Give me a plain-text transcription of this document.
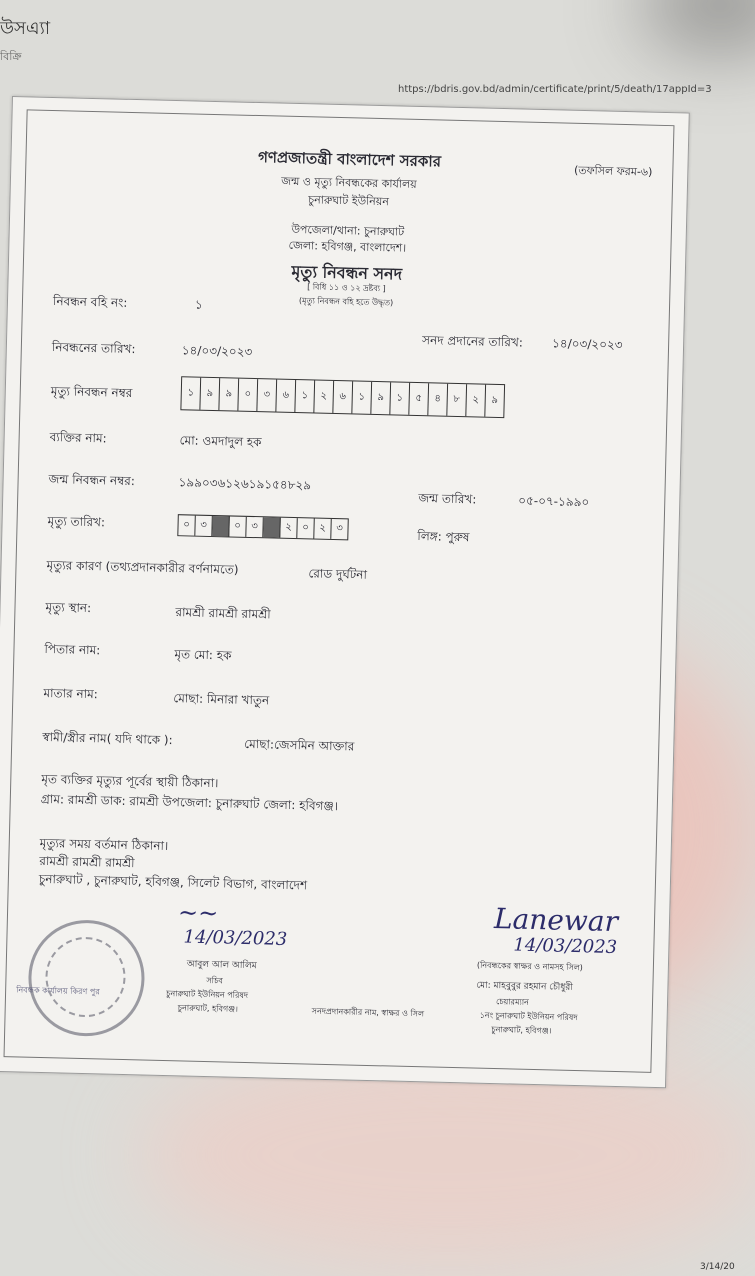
উসএ্যা
বিক্রি
https://bdris.gov.bd/admin/certificate/print/5/death/17appId=3
গণপ্রজাতন্ত্রী বাংলাদেশ সরকার
(তফসিল ফরম-৬)
জন্ম ও মৃত্যু নিবন্ধকের কার্যালয়
চুনারুঘাট ইউনিয়ন
উপজেলা/থানা: চুনারুঘাট
জেলা: হবিগঞ্জ, বাংলাদেশ।
মৃত্যু নিবন্ধন সনদ
[ বিধি ১১ ও ১২ দ্রষ্টব্য ]
(মৃত্যু নিবন্ধন বহি হতে উদ্ধৃত)
নিবন্ধন বহি নং:	১
সনদ প্রদানের তারিখ: ১৪/০৩/২০২৩
নিবন্ধনের তারিখ:	১৪/০৩/২০২৩
মৃত্যু নিবন্ধন নম্বর	১	৯	৯	০	৩	৬	১	২	৬	১	৯	১	৫	৪	৮	২	৯
ব্যক্তির নাম:	মো: ওমদাদুল হক
জন্ম নিবন্ধন নম্বর:	১৯৯০৩৬১২৬১৯১৫৪৮২৯
জন্ম তারিখ:	০৫-০৭-১৯৯০
মৃত্যু তারিখ:	০	৩	০	৩	২	০	২	৩
লিঙ্গ: পুরুষ
মৃত্যুর কারণ (তথ্যপ্রদানকারীর বর্ণনামতে)	রোড দুর্ঘটনা
মৃত্যু স্থান:	রামশ্রী রামশ্রী রামশ্রী
পিতার নাম:	মৃত মো: হক
মাতার নাম:	মোছা: মিনারা খাতুন
স্বামী/স্ত্রীর নাম( যদি থাকে ):	মোছা:জেসমিন আক্তার
মৃত ব্যক্তির মৃত্যুর পূর্বের স্থায়ী ঠিকানা।
গ্রাম: রামশ্রী ডাক: রামশ্রী উপজেলা: চুনারুঘাট জেলা: হবিগঞ্জ।
মৃত্যুর সময় বর্তমান ঠিকানা।
রামশ্রী রামশ্রী রামশ্রী
চুনারুঘাট , চুনারুঘাট, হবিগঞ্জ, সিলেট বিভাগ, বাংলাদেশ
নিবন্ধক কার্যালয় কিরণ পুর
~~
14/03/2023
আবুল আল আলিম
সচিব
চুনারুঘাট ইউনিয়ন পরিষদ
চুনারুঘাট, হবিগঞ্জ।	সনদপ্রদানকারীর নাম, স্বাক্ষর ও সিল
Lanewar
14/03/2023
(নিবন্ধকের স্বাক্ষর ও নামসহ সিল)
মো: মাহবুবুর রহমান চৌধুরী
চেয়ারম্যান
১নং চুনারুঘাট ইউনিয়ন পরিষদ
চুনারুঘাট, হবিগঞ্জ।
3/14/20
